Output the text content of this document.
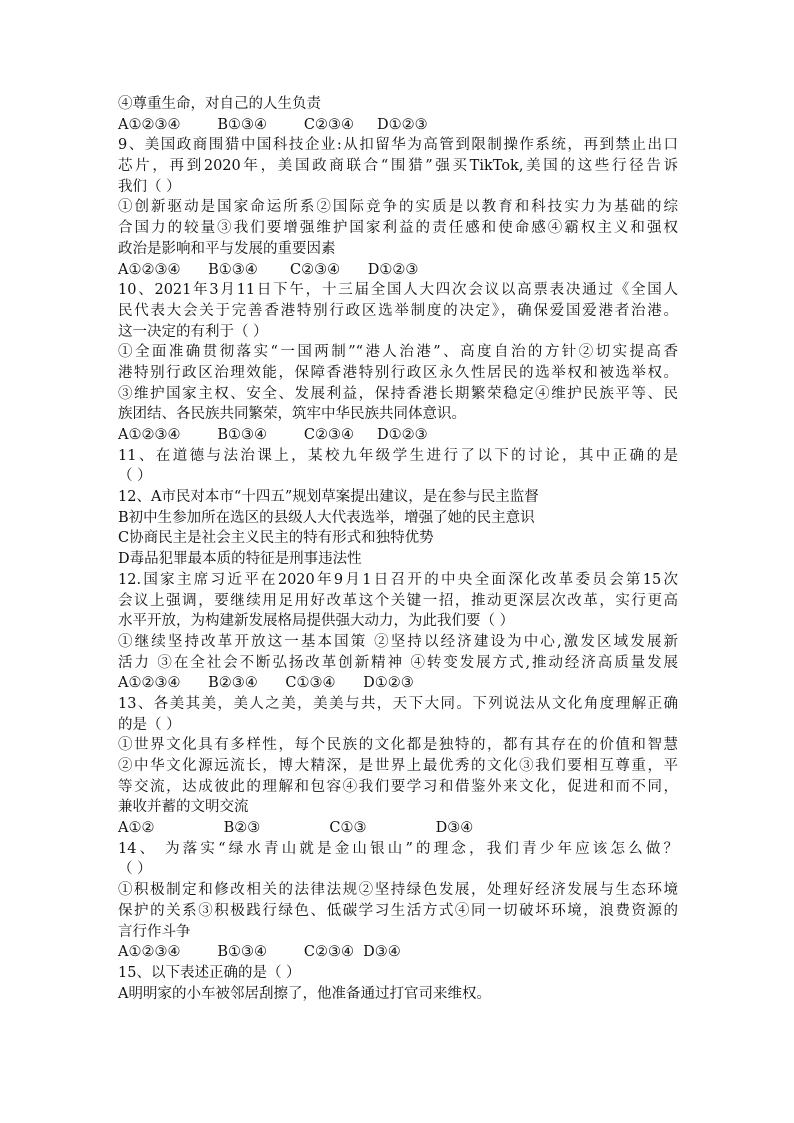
④尊重生命，对自己的人生负责
A①②③④        B①③④        C②③④     D①②③
9、美国政商围猎中国科技企业:从扣留华为高管到限制操作系统，再到禁止出口
芯片，再到2020年，美国政商联合“围猎”强买TikTok,美国的这些行径告诉
我们（ ）
①创新驱动是国家命运所系②国际竞争的实质是以教育和科技实力为基础的综
合国力的较量③我们要增强维护国家利益的责任感和使命感④霸权主义和强权
政治是影响和平与发展的重要因素
A①②③④      B①③④       C②③④      D①②③
10、2021年3月11日下午，十三届全国人大四次会议以高票表决通过《全国人
民代表大会关于完善香港特别行政区选举制度的决定》，确保爱国爱港者治港。
这一决定的有利于（ ）
①全面准确贯彻落实“一国两制”“港人治港”、高度自治的方针②切实提高香
港特别行政区治理效能，保障香港特别行政区永久性居民的选举权和被选举权。
③维护国家主权、安全、发展利益，保持香港长期繁荣稳定④维护民族平等、民
族团结、各民族共同繁荣，筑牢中华民族共同体意识。
A①②③④        B①③④        C②③④     D①②③
11、在道德与法治课上，某校九年级学生进行了以下的讨论，其中正确的是
（ ）
12、A市民对本市“十四五”规划草案提出建议，是在参与民主监督
B初中生参加所在选区的县级人大代表选举，增强了她的民主意识
C协商民主是社会主义民主的特有形式和独特优势
D毒品犯罪最本质的特征是刑事违法性
12.国家主席习近平在2020年9月1日召开的中央全面深化改革委员会第15次
会议上强调，要继续用足用好改革这个关键一招，推动更深层次改革，实行更高
水平开放，为构建新发展格局提供强大动力，为此我们要（ ）
①继续坚持改革开放这一基本国策 ②坚持以经济建设为中心,激发区域发展新
活力 ③在全社会不断弘扬改革创新精神 ④转变发展方式,推动经济高质量发展
A①②③④      B②③④      C①③④      D①②③
13、各美其美，美人之美，美美与共，天下大同。下列说法从文化角度理解正确
的是（ ）
①世界文化具有多样性，每个民族的文化都是独特的，都有其存在的价值和智慧
②中华文化源远流长，博大精深，是世界上最优秀的文化③我们要相互尊重，平
等交流，达成彼此的理解和包容④我们要学习和借鉴外来文化，促进和而不同，
兼收并蓄的文明交流
A①②               B②③               C①③               D③④
14、 为落实“绿水青山就是金山银山”的理念，我们青少年应该怎么做？
（ ）
①积极制定和修改相关的法律法规②坚持绿色发展，处理好经济发展与生态环境
保护的关系③积极践行绿色、低碳学习生活方式④同一切破坏环境，浪费资源的
言行作斗争
A①②③④        B①③④        C②③④  D③④
15、以下表述正确的是（ ）
A明明家的小车被邻居刮擦了，他准备通过打官司来维权。
